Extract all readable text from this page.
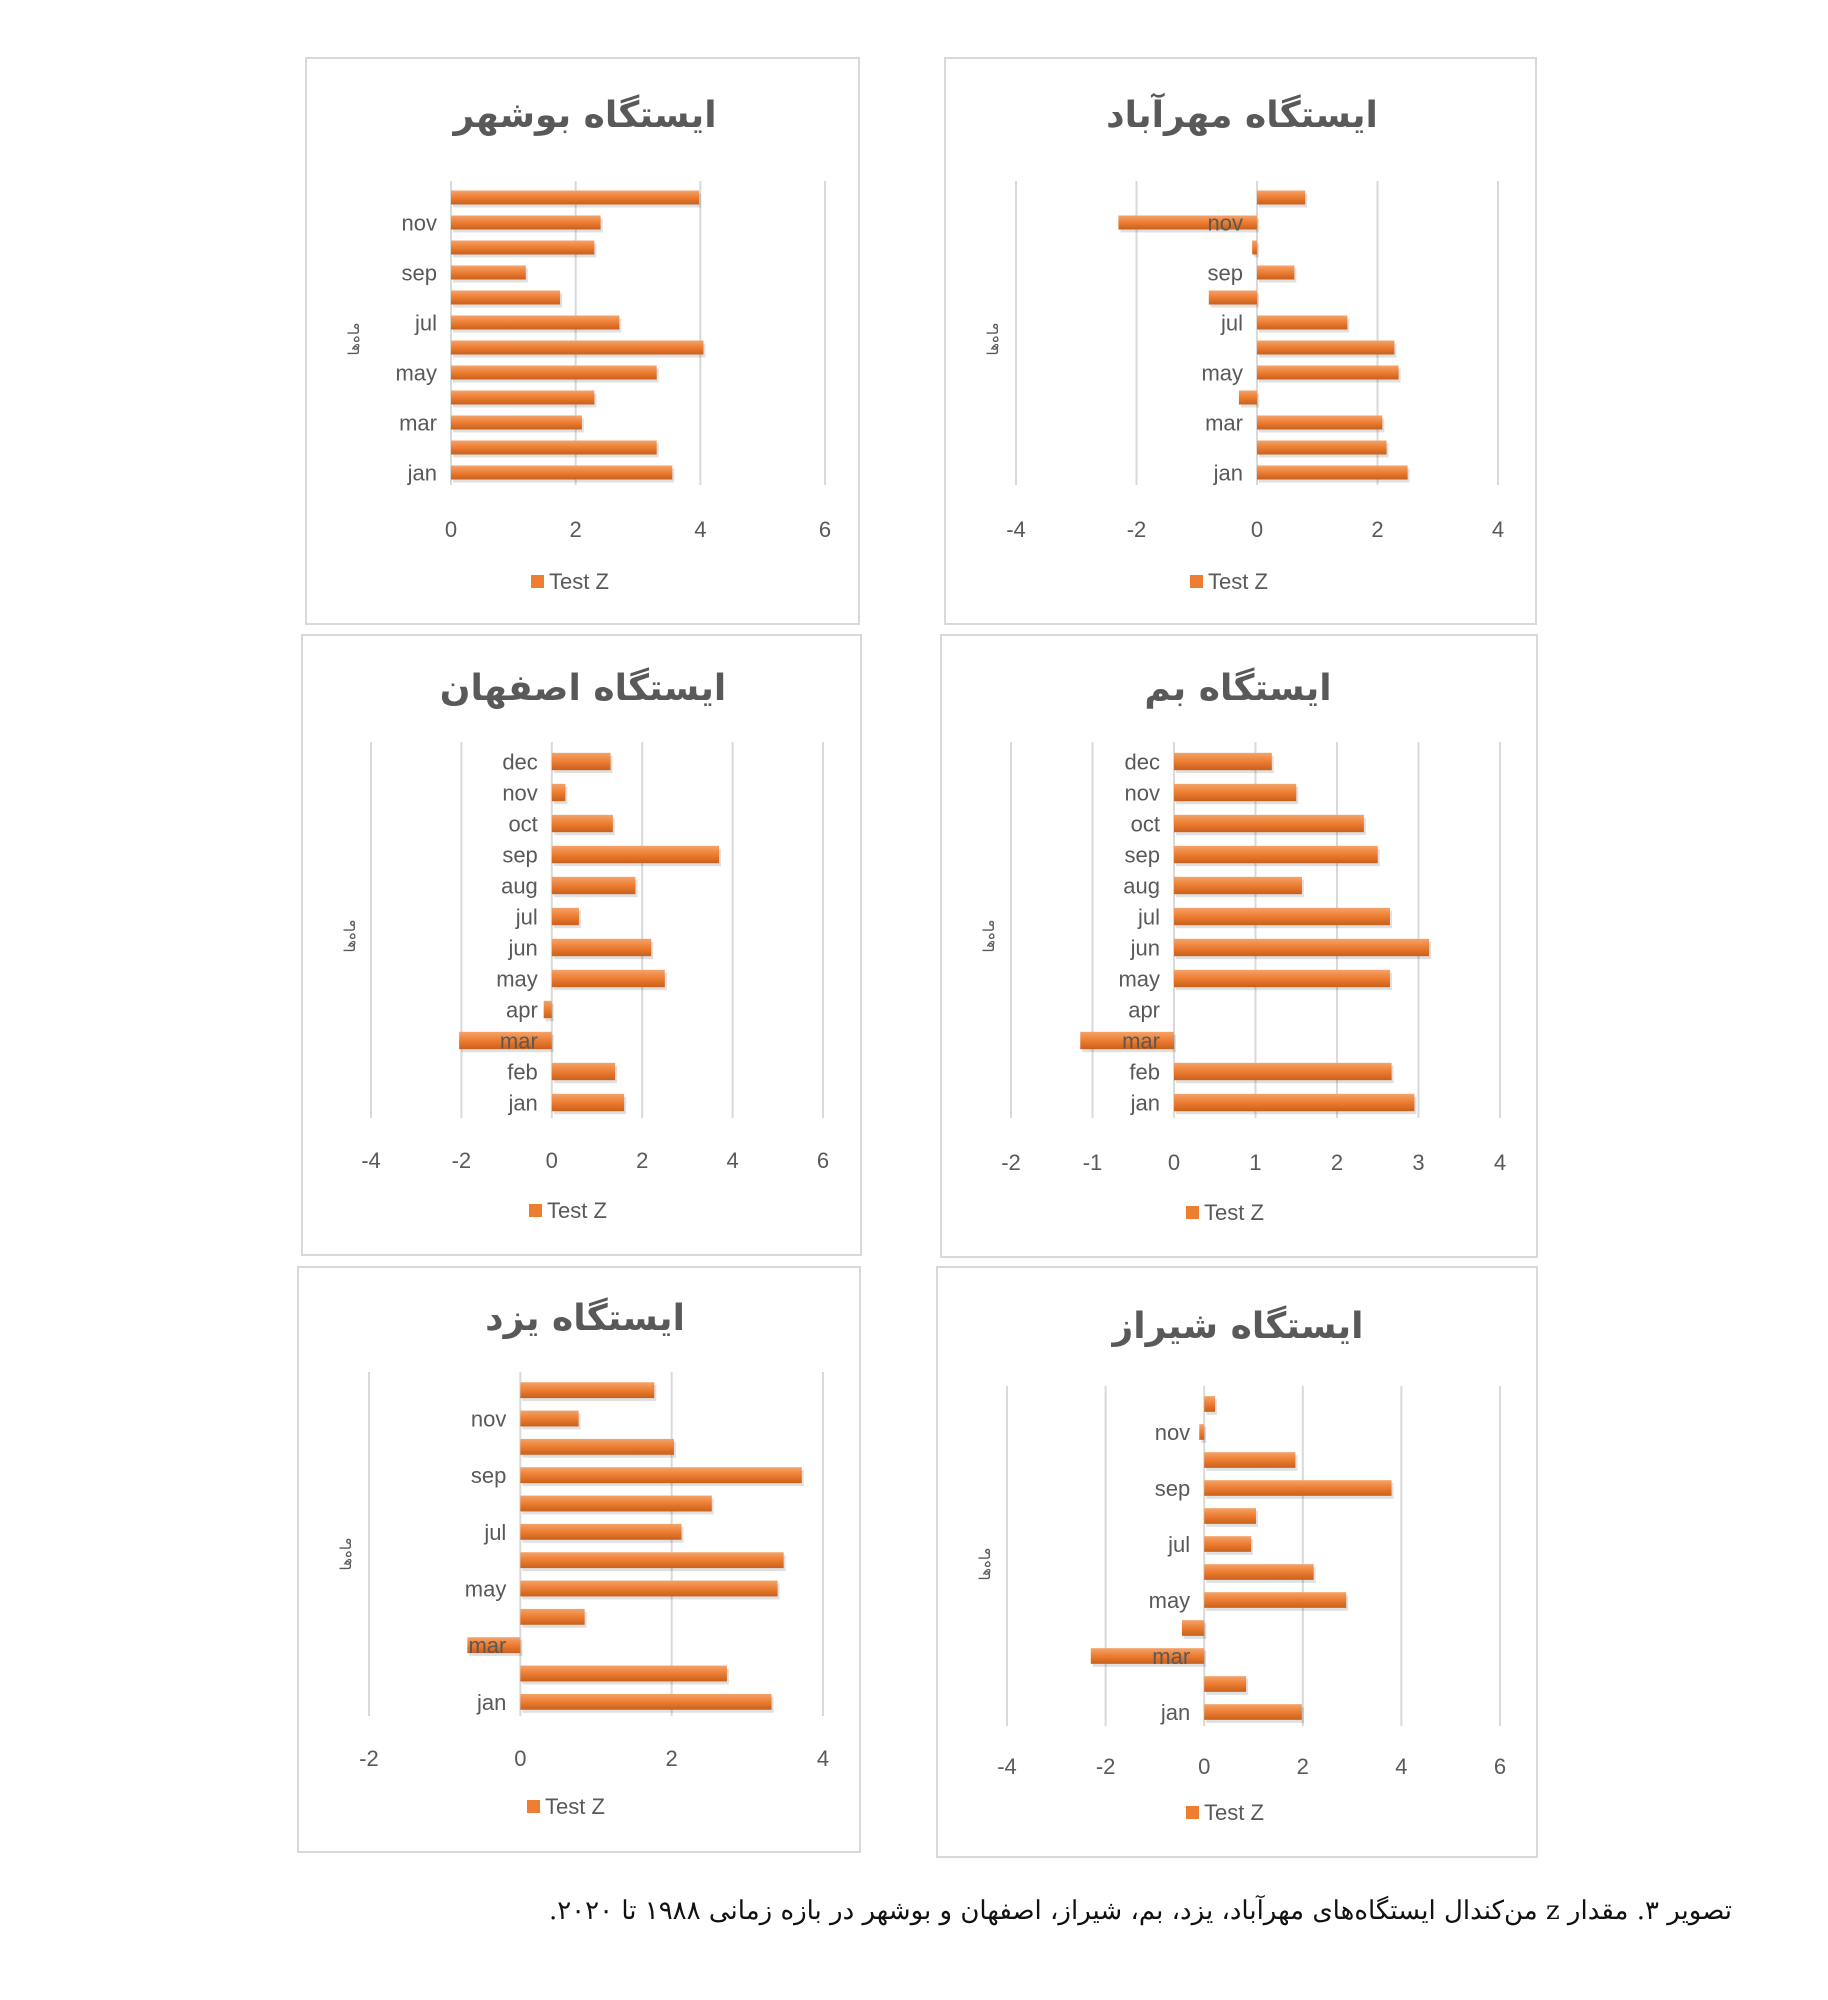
ایستگاه بوشهر
0	2	4	6
ماه‌ها
jan
mar
may
jul
sep
nov
Test Z
ایستگاه مهرآباد
-4	-2	0	2	4
ماه‌ها
jan
mar
may
jul
sep
nov
Test Z
ایستگاه اصفهان
-4	-2	0	2	4	6
ماه‌ها
jan
feb
mar
apr
may
jun
jul
aug
sep
oct
nov
dec
Test Z
ایستگاه بم
-2	-1	0	1	2	3	4
ماه‌ها
jan
feb
mar
apr
may
jun
jul
aug
sep
oct
nov
dec
Test Z
ایستگاه یزد
-2	0	2	4
ماه‌ها
jan
mar
may
jul
sep
nov
Test Z
ایستگاه شیراز
-4	-2	0	2	4	6
ماه‌ها
jan
mar
may
jul
sep
nov
Test Z
تصویر ۳. مقدار z من‌کندال ایستگاه‌های مهرآباد، یزد، بم، شیراز، اصفهان و بوشهر در بازه زمانی ۱۹۸۸ تا ۲۰۲۰.
